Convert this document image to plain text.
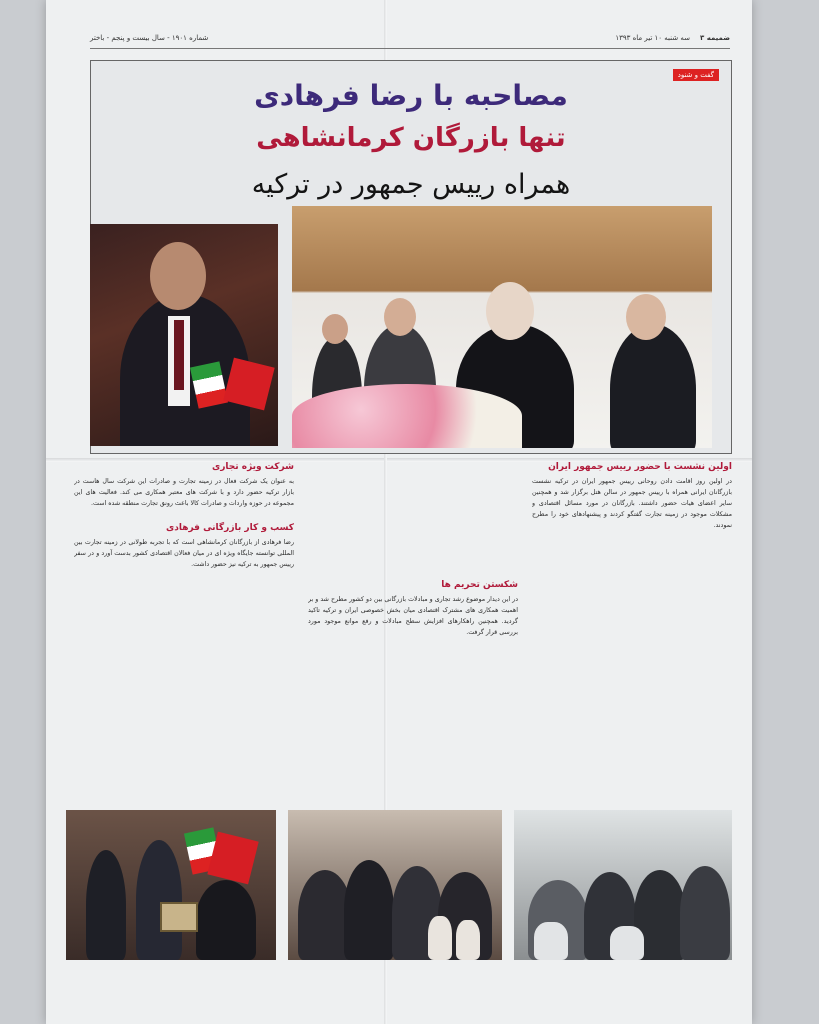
ضمیمه ۳
سه شنبه ۱۰ تیر ماه ۱۳۹۳
شماره ۱۹۰۱ - سال بیست و پنجم - باختر
گفت و شنود
مصاحبه با رضا فرهادی
تنها بازرگان کرمانشاهی
همراه رییس جمهور در ترکیه
اولین نشست با حضور رییس جمهور ایران
در اولین روز اقامت دادن روحانی رییس جمهور ایران در ترکیه نشست بازرگانان ایرانی همراه با رییس جمهور در سالن هتل برگزار شد و همچنین سایر اعضای هیات حضور داشتند. بازرگانان در مورد مسائل اقتصادی و مشکلات موجود در زمینه تجارت گفتگو کردند و پیشنهادهای خود را مطرح نمودند.
شکستن تحریم ها
در این دیدار موضوع رشد تجاری و مبادلات بازرگانی بین دو کشور مطرح شد و بر اهمیت همکاری های مشترک اقتصادی میان بخش خصوصی ایران و ترکیه تاکید گردید. همچنین راهکارهای افزایش سطح مبادلات و رفع موانع موجود مورد بررسی قرار گرفت.
شرکت ویژه تجاری
به عنوان یک شرکت فعال در زمینه تجارت و صادرات این شرکت سال هاست در بازار ترکیه حضور دارد و با شرکت های معتبر همکاری می کند. فعالیت های این مجموعه در حوزه واردات و صادرات کالا باعث رونق تجارت منطقه شده است.
کسب و کار بازرگانی فرهادی
رضا فرهادی از بازرگانان کرمانشاهی است که با تجربه طولانی در زمینه تجارت بین المللی توانسته جایگاه ویژه ای در میان فعالان اقتصادی کشور بدست آورد و در سفر رییس جمهور به ترکیه نیز حضور داشت.
